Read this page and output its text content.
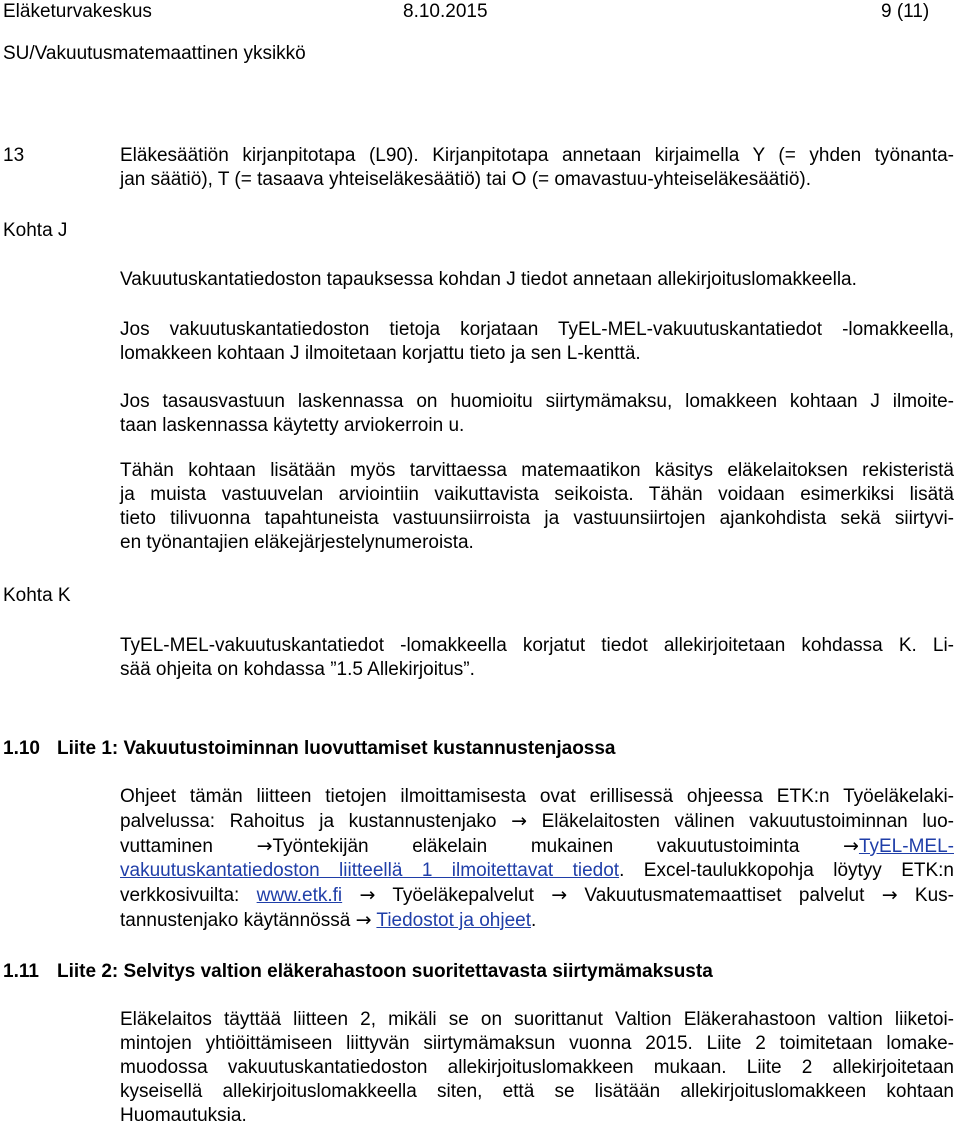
Eläketurvakeskus	8.10.2015	9 (11)
SU/Vakuutusmatemaattinen yksikkö
13	Eläkesäätiön kirjanpitotapa (L90). Kirjanpitotapa annetaan kirjaimella Y (= yhden työnanta-
jan säätiö), T (= tasaava yhteiseläkesäätiö) tai O (= omavastuu-yhteiseläkesäätiö).
Kohta J
Vakuutuskantatiedoston tapauksessa kohdan J tiedot annetaan allekirjoituslomakkeella.
Jos vakuutuskantatiedoston tietoja korjataan TyEL-MEL-vakuutuskantatiedot -lomakkeella,
lomakkeen kohtaan J ilmoitetaan korjattu tieto ja sen L-kenttä.
Jos tasausvastuun laskennassa on huomioitu siirtymämaksu, lomakkeen kohtaan J ilmoite-
taan laskennassa käytetty arviokerroin u.
Tähän kohtaan lisätään myös tarvittaessa matemaatikon käsitys eläkelaitoksen rekisteristä
ja muista vastuuvelan arviointiin vaikuttavista seikoista. Tähän voidaan esimerkiksi lisätä
tieto tilivuonna tapahtuneista vastuunsiirroista ja vastuunsiirtojen ajankohdista sekä siirtyvi-
en työnantajien eläkejärjestelynumeroista.
Kohta K
TyEL-MEL-vakuutuskantatiedot -lomakkeella korjatut tiedot allekirjoitetaan kohdassa K. Li-
sää ohjeita on kohdassa ”1.5 Allekirjoitus”.
1.10 Liite 1: Vakuutustoiminnan luovuttamiset kustannustenjaossa
Ohjeet tämän liitteen tietojen ilmoittamisesta ovat erillisessä ohjeessa ETK:n Työeläkelaki-
palvelussa: Rahoitus ja kustannustenjako → Eläkelaitosten välinen vakuutustoiminnan luo-
vuttaminen →Työntekijän eläkelain mukainen vakuutustoiminta →TyEL-MEL-
vakuutuskantatiedoston liitteellä 1 ilmoitettavat tiedot. Excel-taulukkopohja löytyy ETK:n
verkkosivuilta: www.etk.fi → Työeläkepalvelut → Vakuutusmatemaattiset palvelut → Kus-
tannustenjako käytännössä → Tiedostot ja ohjeet.
1.11 Liite 2: Selvitys valtion eläkerahastoon suoritettavasta siirtymämaksusta
Eläkelaitos täyttää liitteen 2, mikäli se on suorittanut Valtion Eläkerahastoon valtion liiketoi-
mintojen yhtiöittämiseen liittyvän siirtymämaksun vuonna 2015. Liite 2 toimitetaan lomake-
muodossa vakuutuskantatiedoston allekirjoituslomakkeen mukaan. Liite 2 allekirjoitetaan
kyseisellä allekirjoituslomakkeella siten, että se lisätään allekirjoituslomakkeen kohtaan
Huomautuksia.
